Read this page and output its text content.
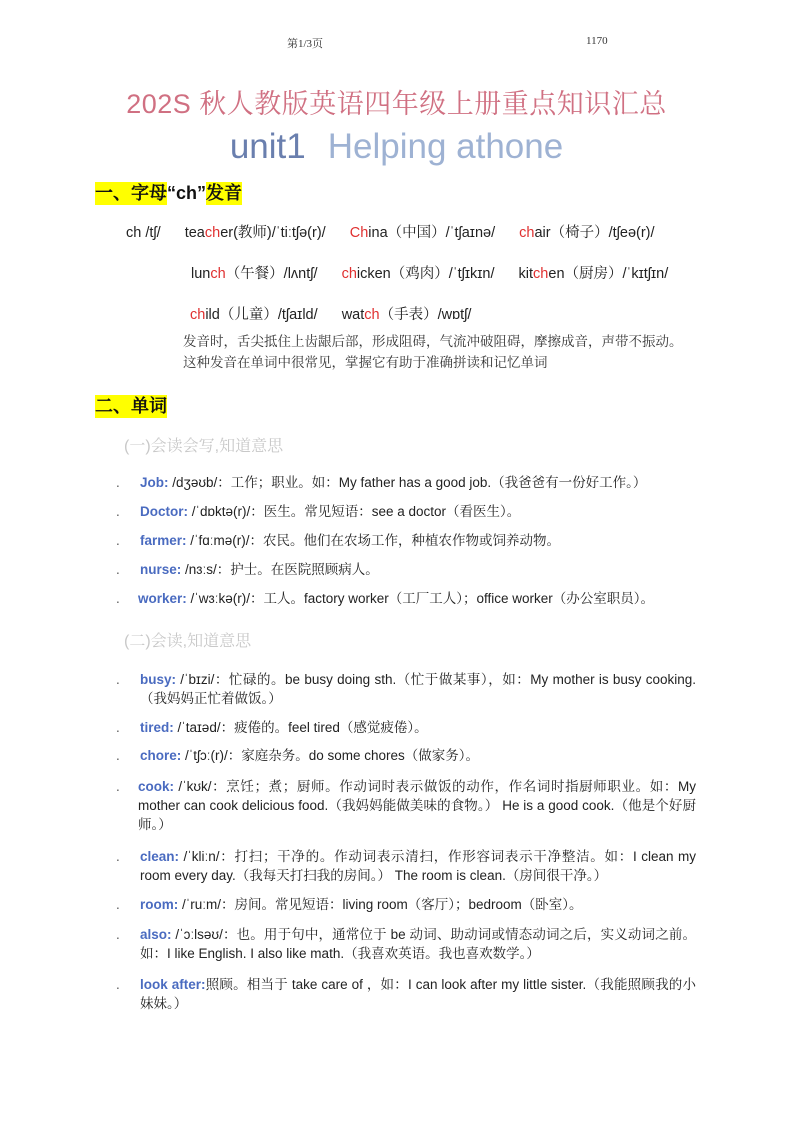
第1/3页	1170
202S 秋人教版英语四年级上册重点知识汇总
unit1 Helping athone
一、字母“ch”发音
ch /tʃ/ teacher(教师)/ˈtiːtʃə(r)/ China（中国）/ˈtʃaɪnə/ chair（椅子）/tʃeə(r)/
lunch（午餐）/lʌntʃ/ chicken（鸡肉）/ˈtʃɪkɪn/ kitchen（厨房）/ˈkɪtʃɪn/
child（儿童）/tʃaɪld/ watch（手表）/wɒtʃ/
发音时，舌尖抵住上齿龈后部，形成阻碍，气流冲破阻碍，摩擦成音，声带不振动。这种发音在单词中很常见，掌握它有助于准确拼读和记忆单词
二、单词
(一)会读会写,知道意思
. Job: /dʒəʊb/：工作；职业。如：My father has a good job.（我爸爸有一份好工作。）
. Doctor: /ˈdɒktə(r)/：医生。常见短语：see a doctor（看医生）。
. farmer: /ˈfɑːmə(r)/：农民。他们在农场工作，种植农作物或饲养动物。
. nurse: /nɜːs/：护士。在医院照顾病人。
. worker: /ˈwɜːkə(r)/：工人。factory worker（工厂工人）；office worker（办公室职员）。
(二)会读,知道意思
. busy: /ˈbɪzi/：忙碌的。be busy doing sth.（忙于做某事），如：My mother is busy cooking.（我妈妈正忙着做饭。）
. tired: /ˈtaɪəd/：疲倦的。feel tired（感觉疲倦）。
. chore: /ˈtʃɔː(r)/：家庭杂务。do some chores（做家务）。
. cook: /ˈkʊk/：烹饪；煮；厨师。作动词时表示做饭的动作，作名词时指厨师职业。如：My mother can cook delicious food.（我妈妈能做美味的食物。） He is a good cook.（他是个好厨师。）
. clean: /ˈkliːn/：打扫；干净的。作动词表示清扫，作形容词表示干净整洁。如：I clean my room every day.（我每天打扫我的房间。） The room is clean.（房间很干净。）
. room: /ˈruːm/：房间。常见短语：living room（客厅）；bedroom（卧室）。
. also: /ˈɔːlsəʊ/：也。用于句中，通常位于 be 动词、助动词或情态动词之后，实义动词之前。如：I like English. I also like math.（我喜欢英语。我也喜欢数学。）
. look after:照顾。相当于 take care of ，如：I can look after my little sister.（我能照顾我的小妹妹。）
